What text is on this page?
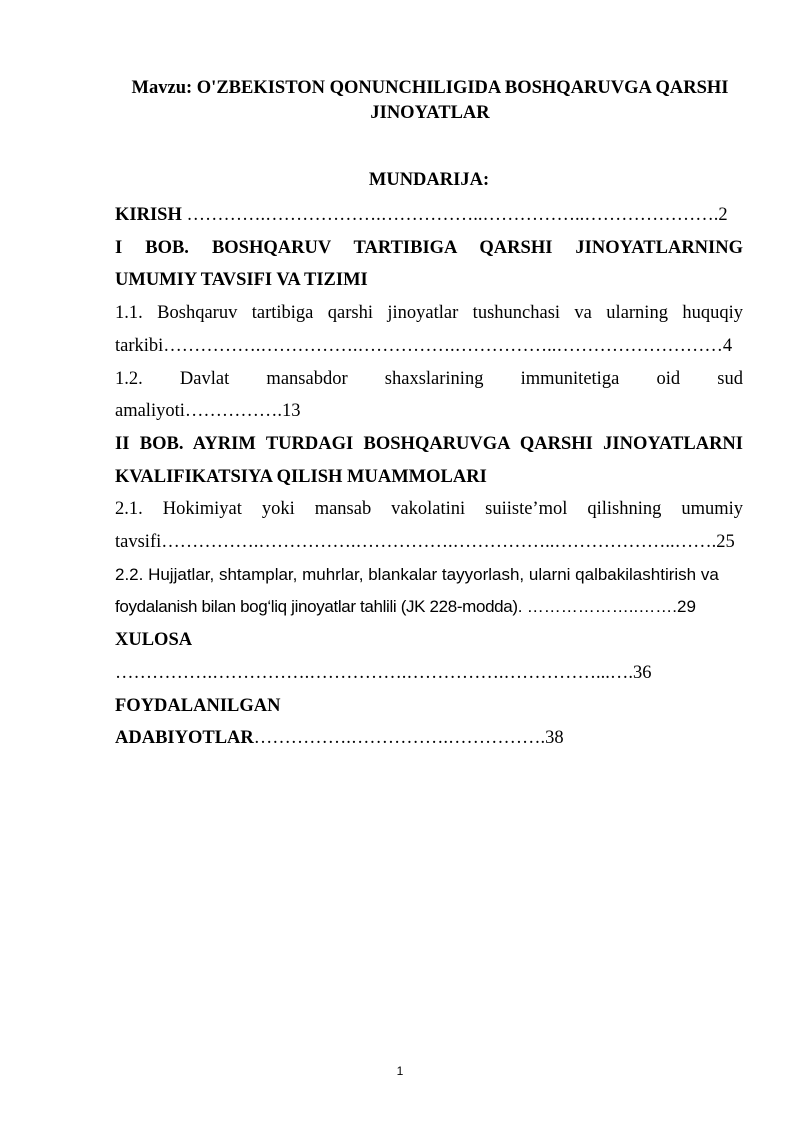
Mavzu: O'ZBEKISTON QONUNCHILIGIDA BOSHQARUVGA QARSHI
JINOYATLAR
MUNDARIJA:
KIRISH ………….……………….……………..……………..………………….2
I BOB. BOSHQARUV TARTIBIGA QARSHI JINOYATLARNING
UMUMIY TAVSIFI VA TIZIMI
1.1. Boshqaruv tartibiga qarshi jinoyatlar tushunchasi va ularning huquqiy
tarkibi…………….…………….…………….……………..………………………4
1.2. Davlat mansabdor shaxslarining immunitetiga oid sud
amaliyoti…………….13
II BOB. AYRIM TURDAGI BOSHQARUVGA QARSHI JINOYATLARNI
KVALIFIKATSIYA QILISH MUAMMOLARI
2.1. Hokimiyat yoki mansab vakolatini suiiste’mol qilishning umumiy
tavsifi…………….…………….…………….……………..………………..…….25
2.2. Hujjatlar, shtamplar, muhrlar, blankalar tayyorlash, ularni qalbakilashtirish va
foydalanish bilan bog‘liq jinoyatlar tahlili (JK 228-modda). ………………..…….29
XULOSA
…………….…………….…………….…………….……………...….36
FOYDALANILGAN
ADABIYOTLAR…………….…………….…………….38
1
